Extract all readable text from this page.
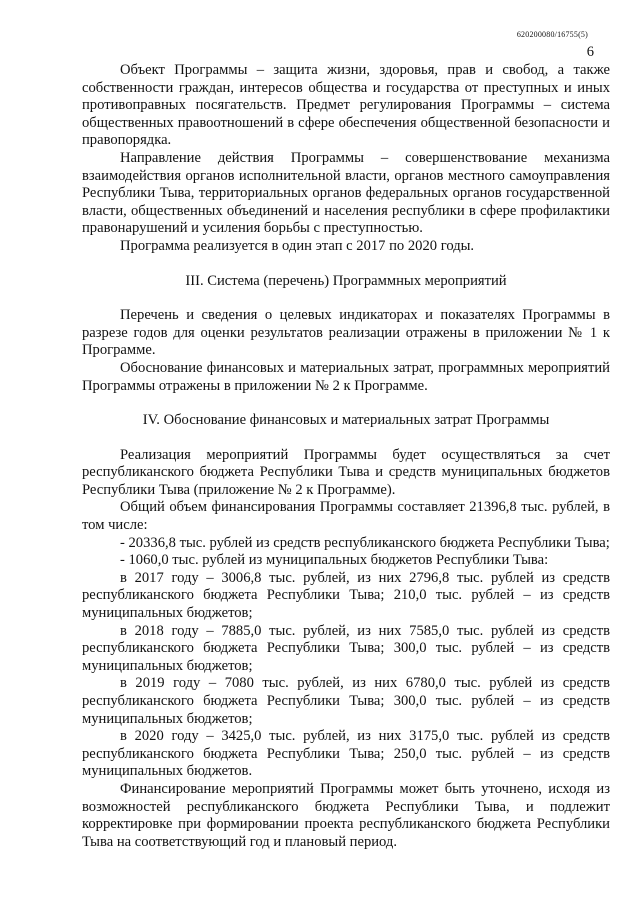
620200080/16755(5)
6

Объект Программы – защита жизни, здоровья, прав и свобод, а также собственности граждан, интересов общества и государства от преступных и иных противоправных посягательств. Предмет регулирования Программы – система общественных правоотношений в сфере обеспечения общественной безопасности и правопорядка.

Направление действия Программы – совершенствование механизма взаимодействия органов исполнительной власти, органов местного самоуправления Республики Тыва, территориальных органов федеральных органов государственной власти, общественных объединений и населения республики в сфере профилактики правонарушений и усиления борьбы с преступностью.

Программа реализуется в один этап с 2017 по 2020 годы.

III. Система (перечень) Программных мероприятий

Перечень и сведения о целевых индикаторах и показателях Программы в разрезе годов для оценки результатов реализации отражены в приложении № 1 к Программе.

Обоснование финансовых и материальных затрат, программных мероприятий Программы отражены в приложении № 2 к Программе.

IV. Обоснование финансовых и материальных затрат Программы

Реализация мероприятий Программы будет осуществляться за счет республиканского бюджета Республики Тыва и средств муниципальных бюджетов Республики Тыва (приложение № 2 к Программе).

Общий объем финансирования Программы составляет 21396,8 тыс. рублей, в том числе:

- 20336,8 тыс. рублей из средств республиканского бюджета Республики Тыва;

- 1060,0 тыс. рублей из муниципальных бюджетов Республики Тыва:

в 2017 году – 3006,8 тыс. рублей, из них 2796,8 тыс. рублей из средств республиканского бюджета Республики Тыва; 210,0 тыс. рублей – из средств муниципальных бюджетов;

в 2018 году – 7885,0 тыс. рублей, из них 7585,0 тыс. рублей из средств республиканского бюджета Республики Тыва; 300,0 тыс. рублей – из средств муниципальных бюджетов;

в 2019 году – 7080 тыс. рублей, из них 6780,0 тыс. рублей из средств республиканского бюджета Республики Тыва; 300,0 тыс. рублей – из средств муниципальных бюджетов;

в 2020 году – 3425,0 тыс. рублей, из них 3175,0 тыс. рублей из средств республиканского бюджета Республики Тыва; 250,0 тыс. рублей – из средств муниципальных бюджетов.

Финансирование мероприятий Программы может быть уточнено, исходя из возможностей республиканского бюджета Республики Тыва, и подлежит корректировке при формировании проекта республиканского бюджета Республики Тыва на соответствующий год и плановый период.
